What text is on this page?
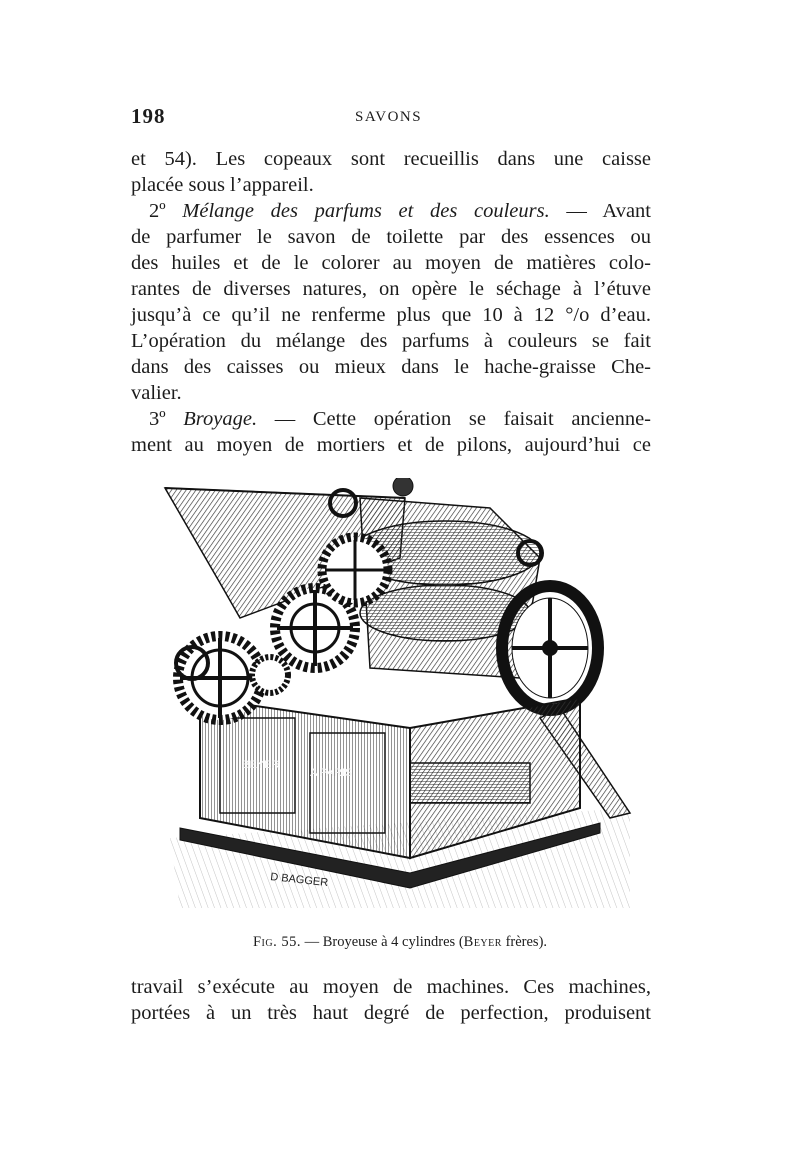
198	SAVONS
et 54). Les copeaux sont recueillis dans une caisse
placée sous l’appareil.
2º Mélange des parfums et des couleurs. — Avant
de parfumer le savon de toilette par des essences ou
des huiles et de le colorer au moyen de matières colo-
rantes de diverses natures, on opère le séchage à l’étuve
jusqu’à ce qu’il ne renferme plus que 10 à 12 °/o d’eau.
L’opération du mélange des parfums à couleurs se fait
dans des caisses ou mieux dans le hache-graisse Che-
valier.
3º Broyage. — Cette opération se faisait ancienne-
ment au moyen de mortiers et de pilons, aujourd’hui ce
BEYER
A PARIS
D BAGGER
Fig. 55. — Broyeuse à 4 cylindres (Beyer frères).
travail s’exécute au moyen de machines. Ces machines,
portées à un très haut degré de perfection, produisent
